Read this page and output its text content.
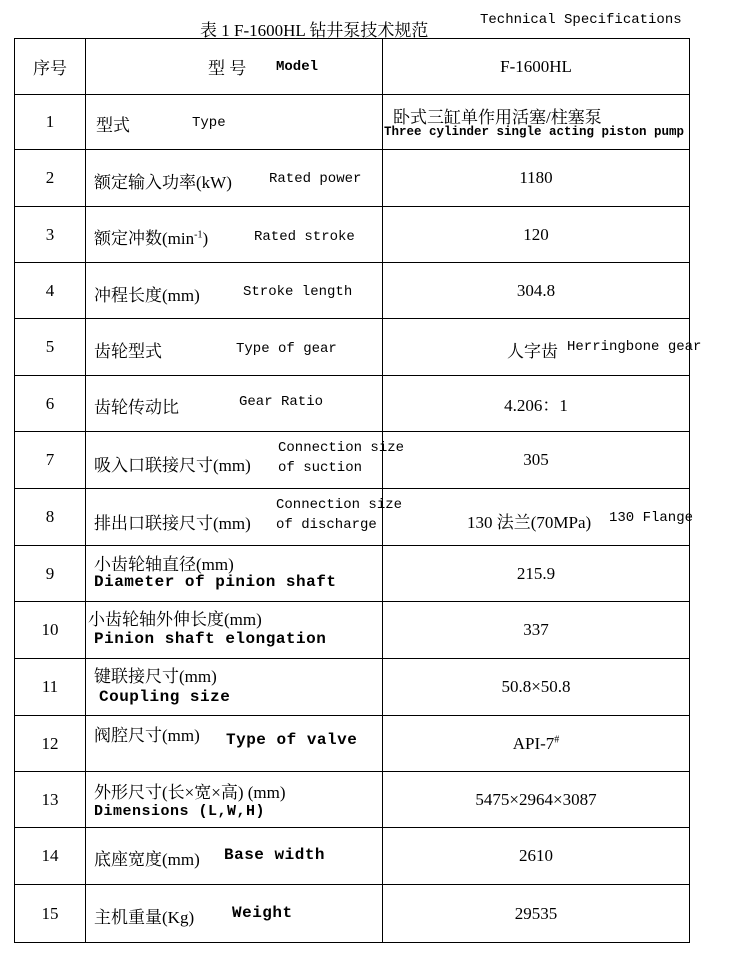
表 1 F-1600HL 钻井泵技术规范
Technical Specifications
序号	型 号 Model	F-1600HL
1	型式 Type	卧式三缸单作用活塞/柱塞泵
Three cylinder single acting piston pump

2	额定输入功率(kW) Rated power	1180
3	额定冲数$(\min^{-1})$ Rated stroke	120
4	冲程长度(mm) Stroke length	304.8
5	齿轮型式 Type of gear	人字齿 Herringbone gear

6	齿轮传动比 Gear Ratio	4.206：1
7	吸入口联接尺寸(mm)
Connection size
of suction	305
8	排出口联接尺寸(mm)
Connection size
of discharge	130 法兰(70MPa) 130 Flange

9	小齿轮轴直径(mm)
Diameter of pinion shaft	215.9
10	小齿轮轴外伸长度(mm)
Pinion shaft elongation	337
11	键联接尺寸(mm)
Coupling size	50.8×50.8
12	阀腔尺寸(mm) Type of valve	API-7#
13	外形尺寸(长×宽×高) (mm)
Dimensions (L,W,H)	5475×2964×3087
14	底座宽度(mm) Base width	2610
15	主机重量(Kg) Weight	29535
